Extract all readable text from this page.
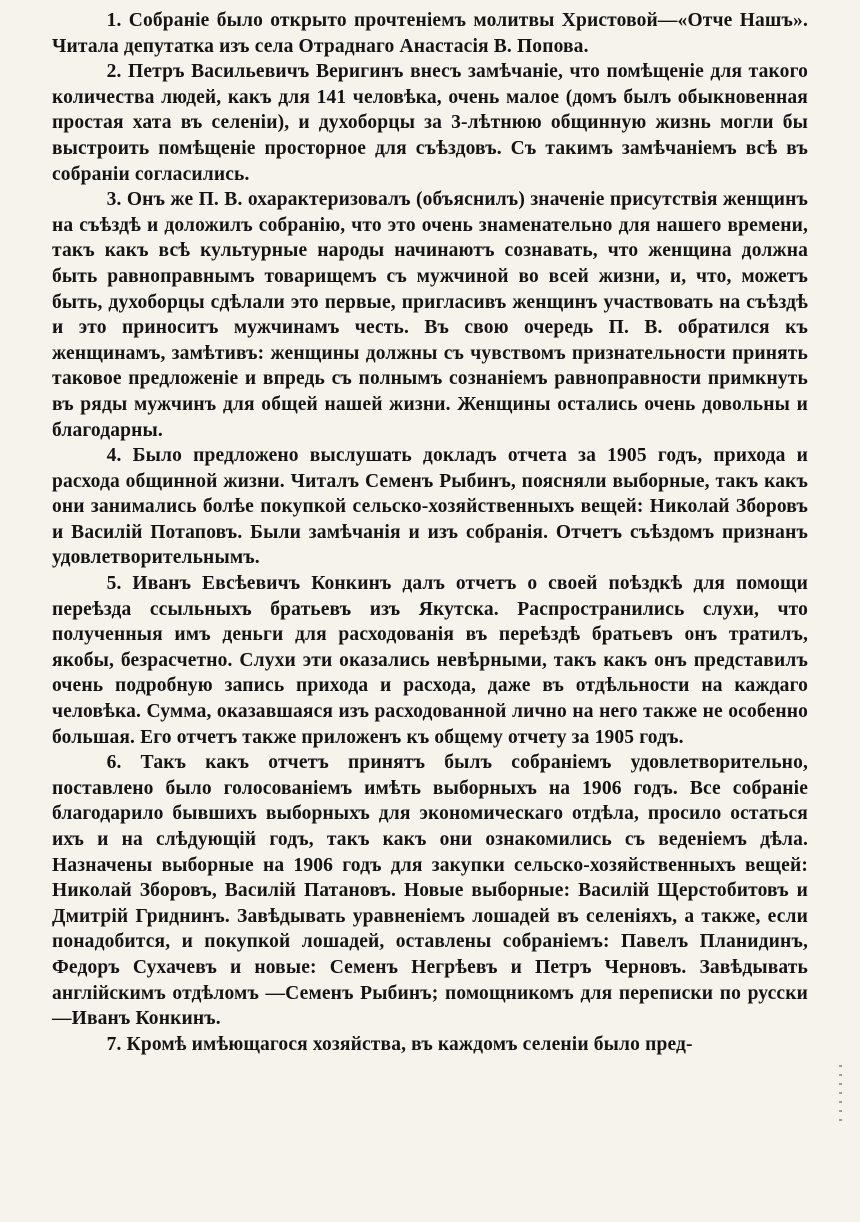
1. Собраніе было открыто прочтеніемъ молитвы Христовой—«Отче Нашъ». Читала депутатка изъ села Отраднаго Анастасія В. Попова.

2. Петръ Васильевичъ Веригинъ внесъ замѣчаніе, что помѣщеніе для такого количества людей, какъ для 141 человѣка, очень малое (домъ былъ обыкновенная простая хата въ селеніи), и духоборцы за 3-лѣтнюю общинную жизнь могли бы выстроить помѣщеніе просторное для съѣздовъ. Съ такимъ замѣчаніемъ всѣ въ собраніи согласились.

3. Онъ же П. В. охарактеризовалъ (объяснилъ) значеніе присутствія женщинъ на съѣздѣ и доложилъ собранію, что это очень знаменательно для нашего времени, такъ какъ всѣ культурные народы начинаютъ сознавать, что женщина должна быть равноправнымъ товарищемъ съ мужчиной во всей жизни, и, что, можетъ быть, духоборцы сдѣлали это первые, пригласивъ женщинъ участвовать на съѣздѣ и это приноситъ мужчинамъ честь. Въ свою очередь П. В. обратился къ женщинамъ, замѣтивъ: женщины должны съ чувствомъ признательности принять таковое предложеніе и впредь съ полнымъ сознаніемъ равноправности примкнуть въ ряды мужчинъ для общей нашей жизни. Женщины остались очень довольны и благодарны.

4. Было предложено выслушать докладъ отчета за 1905 годъ, прихода и расхода общинной жизни. Читалъ Семенъ Рыбинъ, поясняли выборные, такъ какъ они занимались болѣе покупкой сельско-хозяйственныхъ вещей: Николай Зборовъ и Василій Потаповъ. Были замѣчанія и изъ собранія. Отчетъ съѣздомъ признанъ удовлетворительнымъ.

5. Иванъ Евсѣевичъ Конкинъ далъ отчетъ о своей поѣздкѣ для помощи переѣзда ссыльныхъ братьевъ изъ Якутска. Распространились слухи, что полученныя имъ деньги для расходованія въ переѣздѣ братьевъ онъ тратилъ, якобы, безрасчетно. Слухи эти оказались невѣрными, такъ какъ онъ представилъ очень подробную запись прихода и расхода, даже въ отдѣльности на каждаго человѣка. Сумма, оказавшаяся изъ расходованной лично на него также не особенно большая. Его отчетъ также приложенъ къ общему отчету за 1905 годъ.

6. Такъ какъ отчетъ принятъ былъ собраніемъ удовлетворительно, поставлено было голосованіемъ имѣть выборныхъ на 1906 годъ. Все собраніе благодарило бывшихъ выборныхъ для экономическаго отдѣла, просило остаться ихъ и на слѣдующій годъ, такъ какъ они ознакомились съ веденіемъ дѣла. Назначены выборные на 1906 годъ для закупки сельско-хозяйственныхъ вещей: Николай Зборовъ, Василій Патановъ. Новые выборные: Василій Щерстобитовъ и Дмитрій Гриднинъ. Завѣдывать уравненіемъ лошадей въ селеніяхъ, а также, если понадобится, и покупкой лошадей, оставлены собраніемъ: Павелъ Планидинъ, Федоръ Сухачевъ и новые: Семенъ Негрѣевъ и Петръ Черновъ. Завѣдывать англійскимъ отдѣломъ —Семенъ Рыбинъ; помощникомъ для переписки по русски—Иванъ Конкинъ.

7. Кромѣ имѣющагося хозяйства, въ каждомъ селеніи было пред-
